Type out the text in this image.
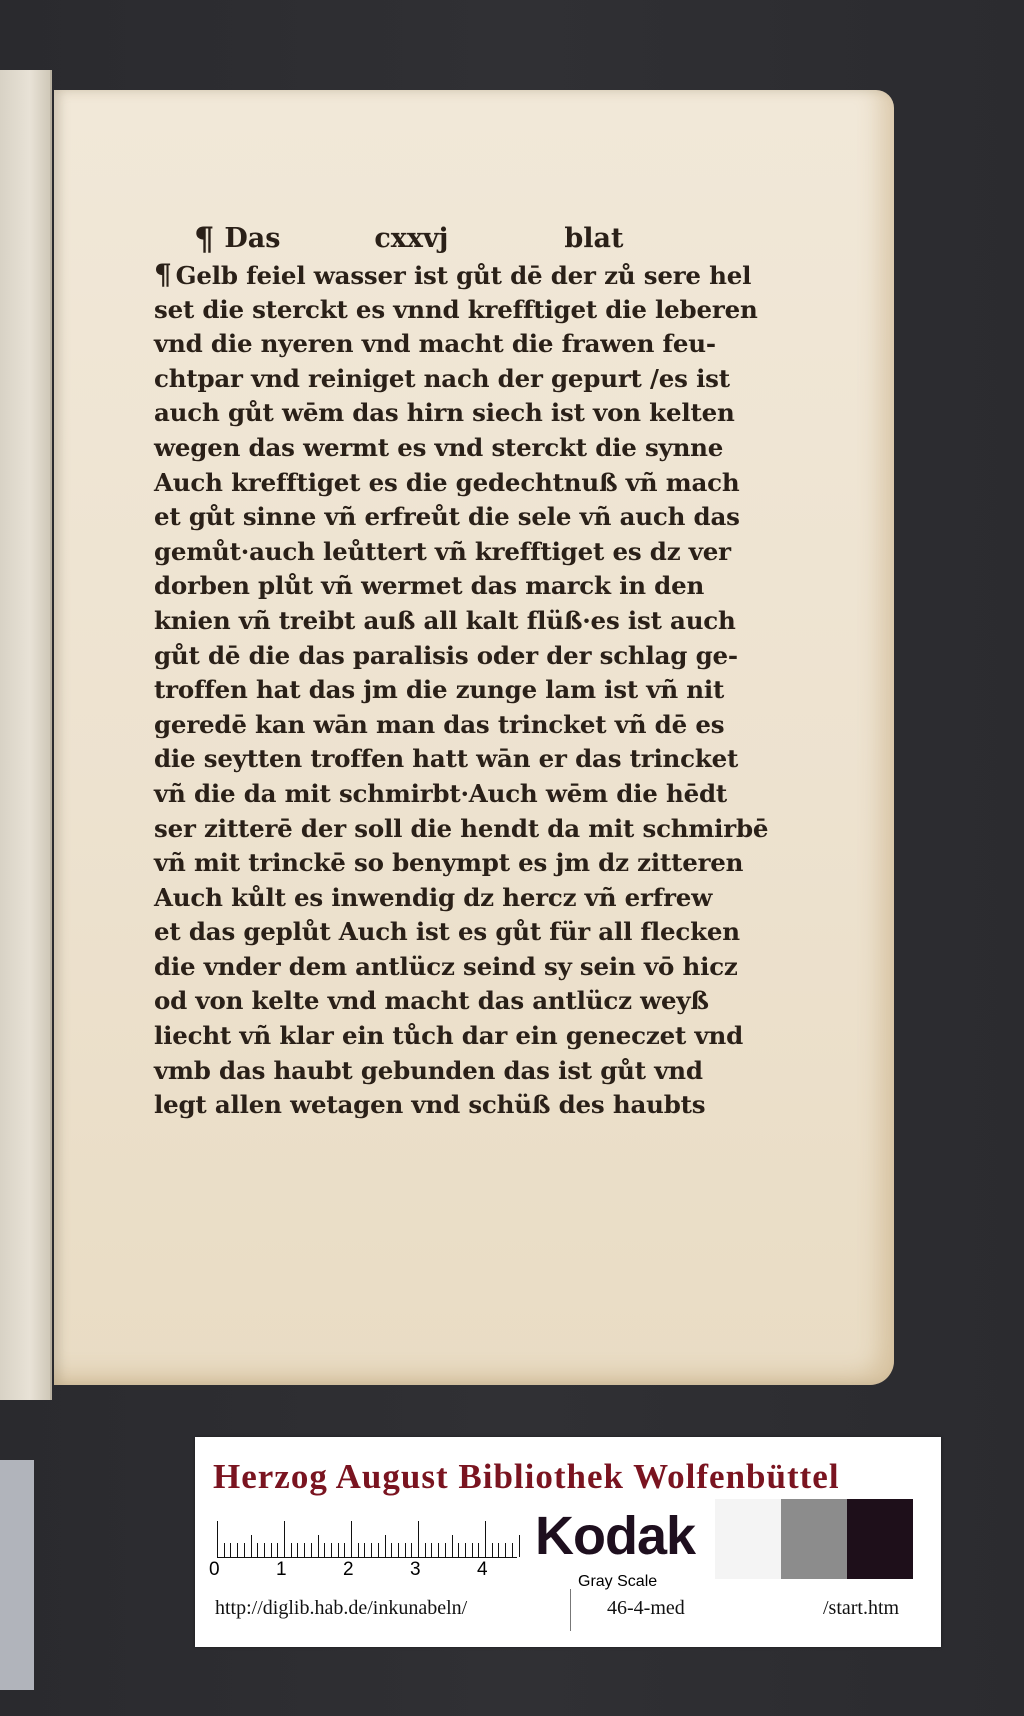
¶ Das	cxxvj	blat
¶ Gelb feiel wasser ist gůt dē der zů sere hel
set die sterckt es vnnd krefftiget die leberen
vnd die nyeren vnd macht die frawen feu-
chtpar vnd reiniget nach der gepurt /es ist
auch gůt wēm das hirn siech ist von kelten
wegen das wermt es vnd sterckt die synne
Auch krefftiget es die gedechtnuß vñ mach
et gůt sinne vñ erfreůt die sele vñ auch das
gemůt·auch leůttert vñ krefftiget es dz ver
dorben plůt vñ wermet das marck in den
knien vñ treibt auß all kalt flüß·es ist auch
gůt dē die das paralisis oder der schlag ge-
troffen hat das jm die zunge lam ist vñ nit
geredē kan wān man das trincket vñ dē es
die seytten troffen hatt wān er das trincket
vñ die da mit schmirbt·Auch wēm die hēdt
ser zitterē der soll die hendt da mit schmirbē
vñ mit trinckē so benympt es jm dz zitteren
Auch kůlt es inwendig dz hercz vñ erfrew
et das geplůt Auch ist es gůt für all flecken
die vnder dem antlücz seind sy sein vō hicz
od von kelte vnd macht das antlücz weyß
liecht vñ klar ein tůch dar ein geneczet vnd
vmb das haubt gebunden das ist gůt vnd
legt allen wetagen vnd schüß des haubts
Herzog August Bibliothek Wolfenbüttel
0	1	2	3	4
Kodak
Gray Scale
http://diglib.hab.de/inkunabeln/	46-4-med	/start.htm
